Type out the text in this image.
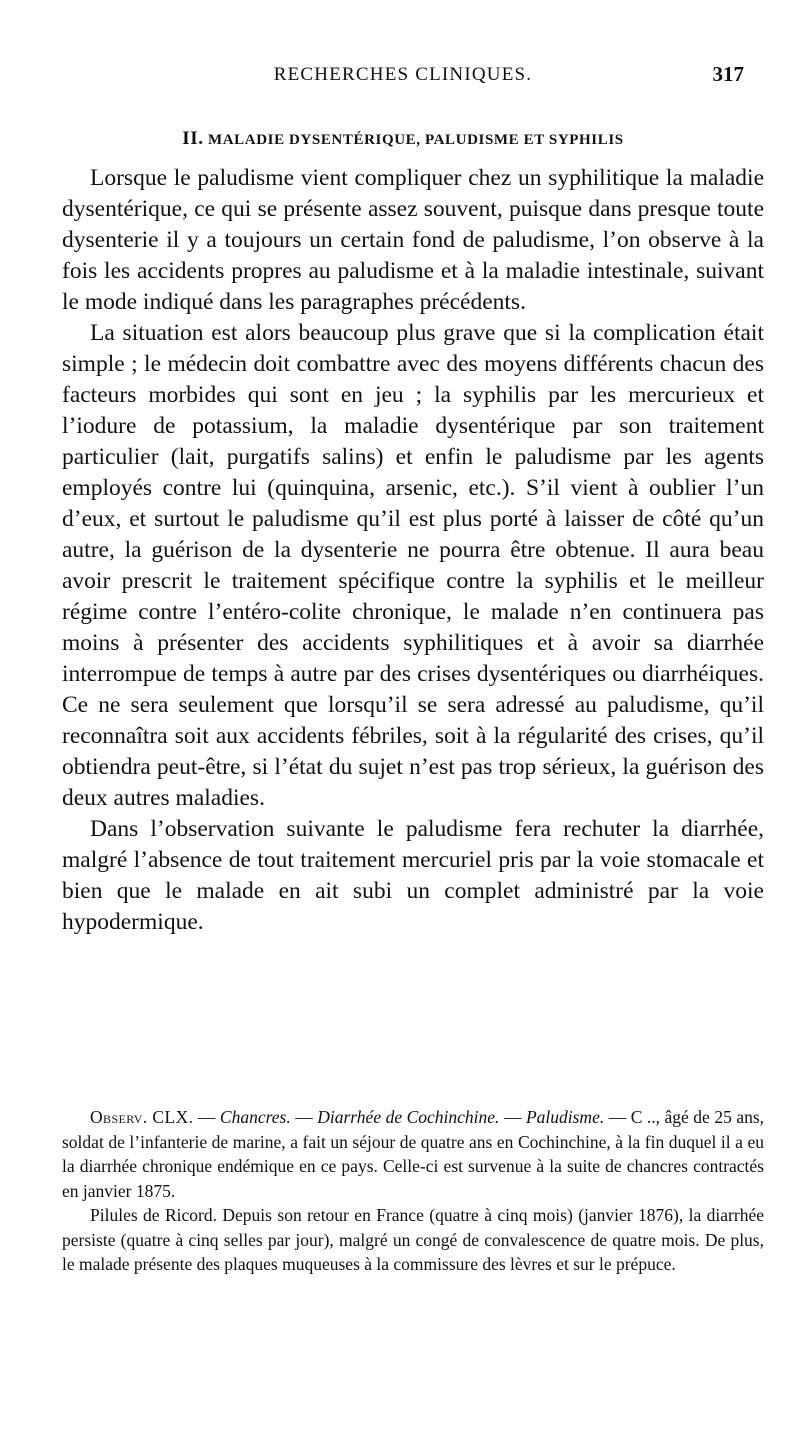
RECHERCHES CLINIQUES.	317
II. MALADIE DYSENTÉRIQUE, PALUDISME ET SYPHILIS

Lorsque le paludisme vient compliquer chez un syphilitique la maladie dysentérique, ce qui se présente assez souvent, puisque dans presque toute dysenterie il y a toujours un certain fond de paludisme, l’on observe à la fois les accidents propres au paludisme et à la maladie intestinale, suivant le mode indiqué dans les paragraphes précédents.

La situation est alors beaucoup plus grave que si la complication était simple ; le médecin doit combattre avec des moyens différents chacun des facteurs morbides qui sont en jeu ; la syphilis par les mercurieux et l’iodure de potassium, la maladie dysentérique par son traitement particulier (lait, purgatifs salins) et enfin le paludisme par les agents employés contre lui (quinquina, arsenic, etc.). S’il vient à oublier l’un d’eux, et surtout le paludisme qu’il est plus porté à laisser de côté qu’un autre, la guérison de la dysenterie ne pourra être obtenue. Il aura beau avoir prescrit le traitement spécifique contre la syphilis et le meilleur régime contre l’entéro-colite chronique, le malade n’en continuera pas moins à présenter des accidents syphilitiques et à avoir sa diarrhée interrompue de temps à autre par des crises dysentériques ou diarrhéiques. Ce ne sera seulement que lorsqu’il se sera adressé au paludisme, qu’il reconnaîtra soit aux accidents fébriles, soit à la régularité des crises, qu’il obtiendra peut-être, si l’état du sujet n’est pas trop sérieux, la guérison des deux autres maladies.

Dans l’observation suivante le paludisme fera rechuter la diarrhée, malgré l’absence de tout traitement mercuriel pris par la voie stomacale et bien que le malade en ait subi un complet administré par la voie hypodermique.

Observ. CLX. — Chancres. — Diarrhée de Cochinchine. — Paludisme. — C .., âgé de 25 ans, soldat de l’infanterie de marine, a fait un séjour de quatre ans en Cochinchine, à la fin duquel il a eu la diarrhée chronique endémique en ce pays. Celle-ci est survenue à la suite de chancres contractés en janvier 1875.

Pilules de Ricord. Depuis son retour en France (quatre à cinq mois) (janvier 1876), la diarrhée persiste (quatre à cinq selles par jour), malgré un congé de convalescence de quatre mois. De plus, le malade présente des plaques muqueuses à la commissure des lèvres et sur le prépuce.
